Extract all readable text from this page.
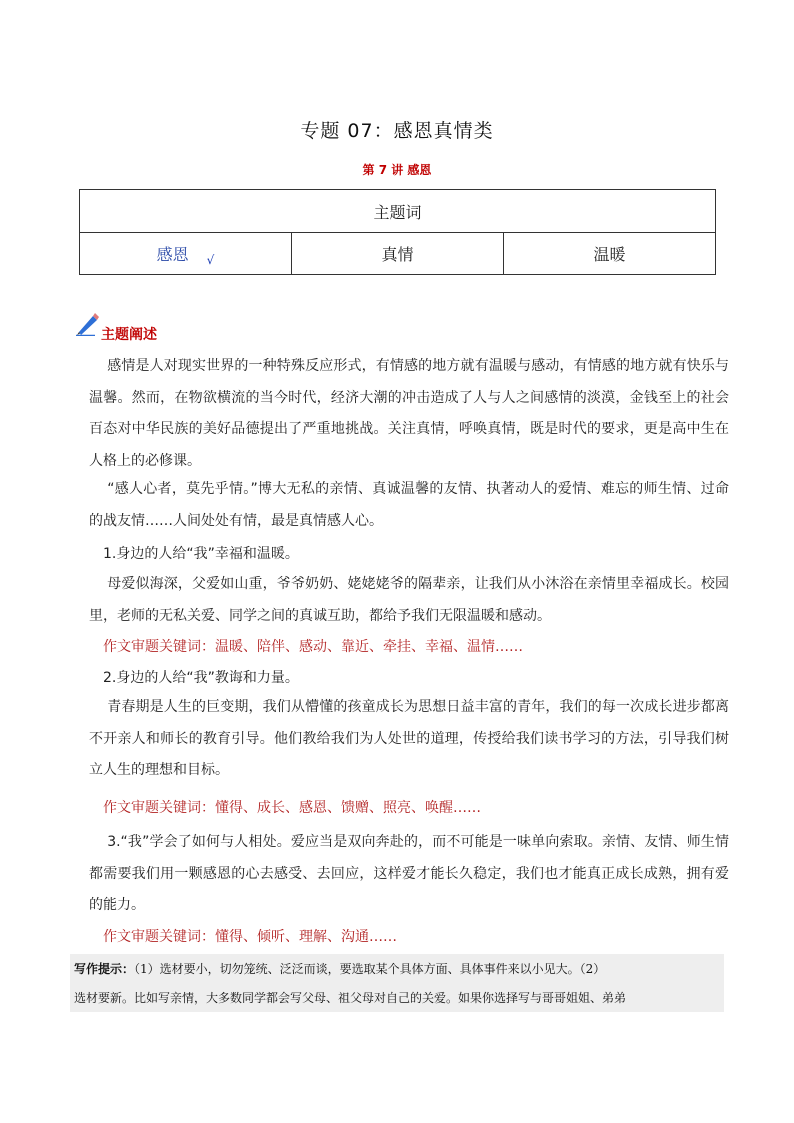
专题 07：感恩真情类
第 7 讲 感恩
主题词
感恩 $_√$	真情	温暖
主题阐述

感情是人对现实世界的一种特殊反应形式，有情感的地方就有温暖与感动，有情感的地方就有快乐与温馨。然而，在物欲横流的当今时代，经济大潮的冲击造成了人与人之间感情的淡漠，金钱至上的社会百态对中华民族的美好品德提出了严重地挑战。关注真情，呼唤真情，既是时代的要求，更是高中生在人格上的必修课。

“感人心者，莫先乎情。”博大无私的亲情、真诚温馨的友情、执著动人的爱情、难忘的师生情、过命的战友情……人间处处有情，最是真情感人心。

1.身边的人给“我”幸福和温暖。

母爱似海深，父爱如山重，爷爷奶奶、姥姥姥爷的隔辈亲，让我们从小沐浴在亲情里幸福成长。校园里，老师的无私关爱、同学之间的真诚互助，都给予我们无限温暖和感动。

作文审题关键词：温暖、陪伴、感动、靠近、牵挂、幸福、温情……
2.身边的人给“我”教诲和力量。

青春期是人生的巨变期，我们从懵懂的孩童成长为思想日益丰富的青年，我们的每一次成长进步都离不开亲人和师长的教育引导。他们教给我们为人处世的道理，传授给我们读书学习的方法，引导我们树立人生的理想和目标。

作文审题关键词：懂得、成长、感恩、馈赠、照亮、唤醒……

3.“我”学会了如何与人相处。爱应当是双向奔赴的，而不可能是一味单向索取。亲情、友情、师生情都需要我们用一颗感恩的心去感受、去回应，这样爱才能长久稳定，我们也才能真正成长成熟，拥有爱的能力。

作文审题关键词：懂得、倾听、理解、沟通……

写作提示：（1）选材要小，切勿笼统、泛泛而谈，要选取某个具体方面、具体事件来以小见大。（2）

选材要新。比如写亲情，大多数同学都会写父母、祖父母对自己的关爱。如果你选择写与哥哥姐姐、弟弟
